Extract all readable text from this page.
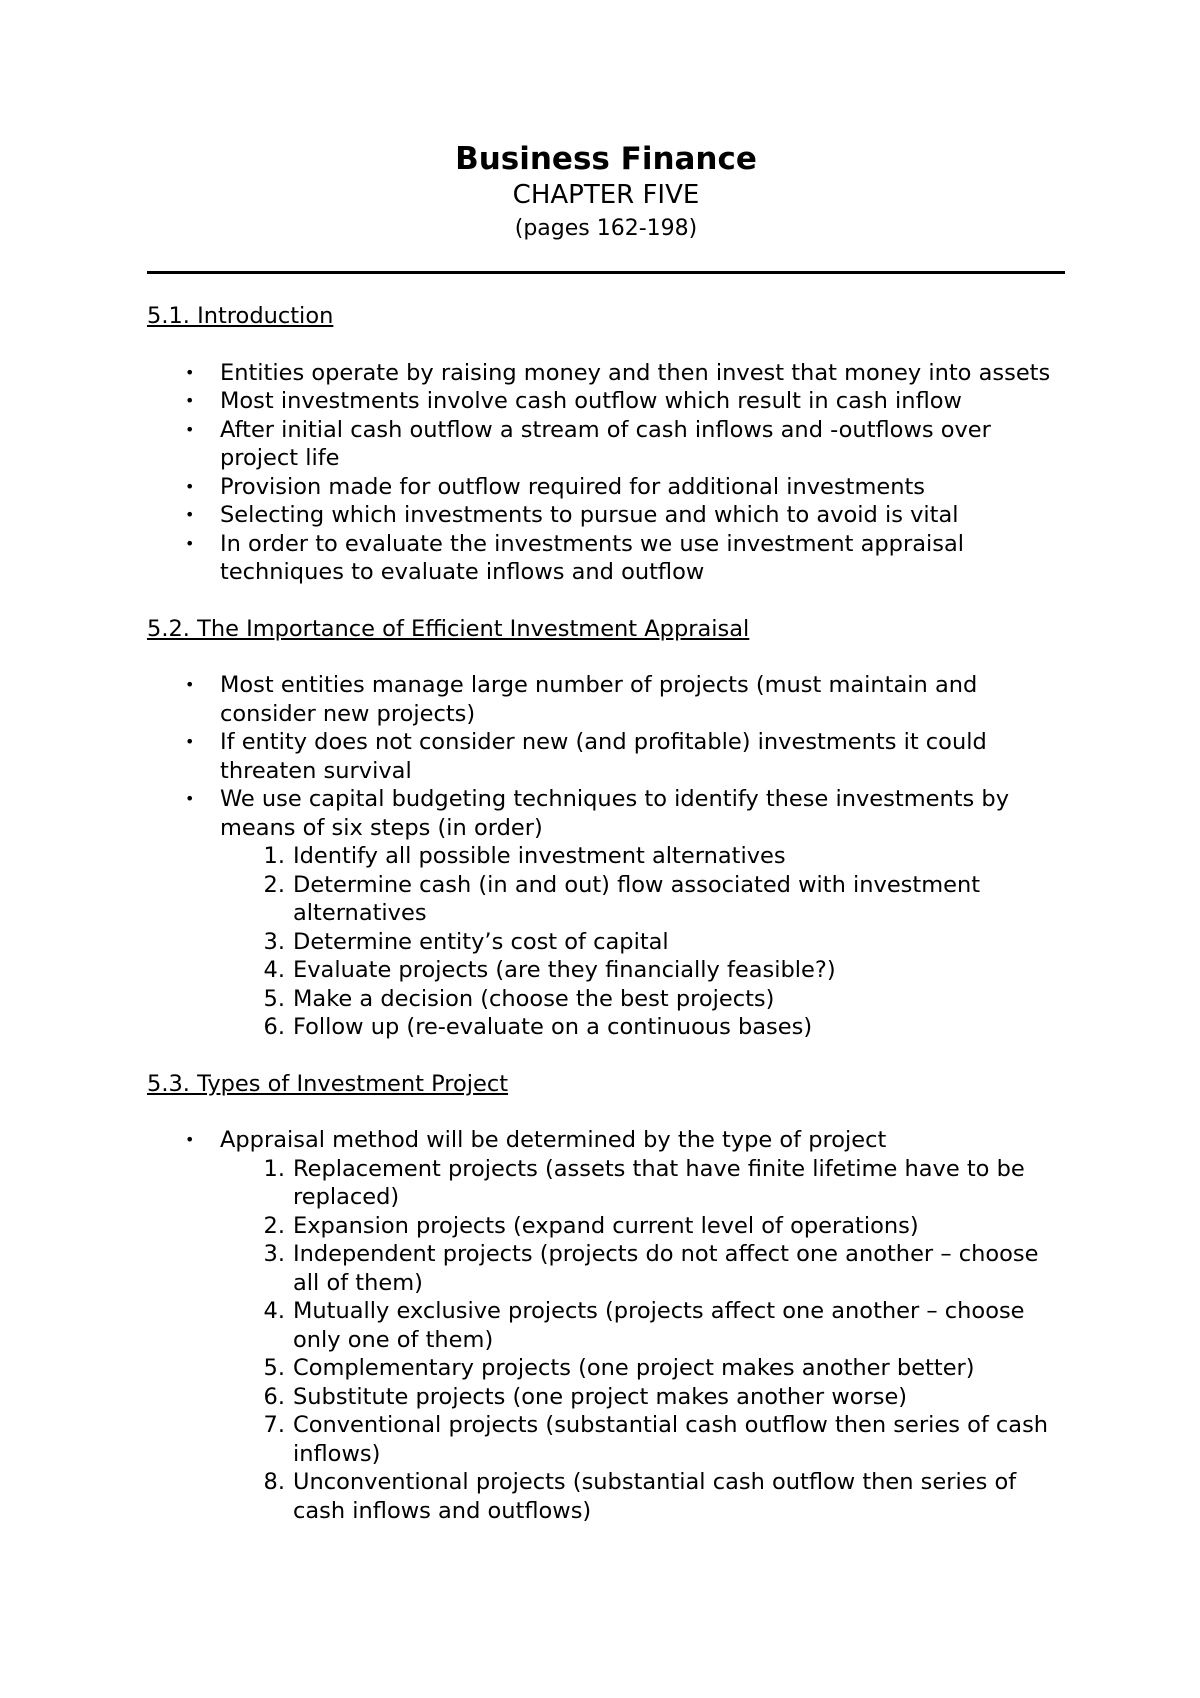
Business Finance

CHAPTER FIVE

(pages 162-198)

5.1. Introduction

• Entities operate by raising money and then invest that money into assets
• Most investments involve cash outflow which result in cash inflow
• After initial cash outflow a stream of cash inflows and -outflows over project life
• Provision made for outflow required for additional investments
• Selecting which investments to pursue and which to avoid is vital
• In order to evaluate the investments we use investment appraisal techniques to evaluate inflows and outflow

5.2. The Importance of Efficient Investment Appraisal

• Most entities manage large number of projects (must maintain and consider new projects)
• If entity does not consider new (and profitable) investments it could threaten survival
• We use capital budgeting techniques to identify these investments by means of six steps (in order)
1. Identify all possible investment alternatives
2. Determine cash (in and out) flow associated with investment alternatives
3. Determine entity’s cost of capital
4. Evaluate projects (are they financially feasible?)
5. Make a decision (choose the best projects)
6. Follow up (re-evaluate on a continuous bases)

5.3. Types of Investment Project

• Appraisal method will be determined by the type of project
1. Replacement projects (assets that have finite lifetime have to be replaced)
2. Expansion projects (expand current level of operations)
3. Independent projects (projects do not affect one another – choose all of them)
4. Mutually exclusive projects (projects affect one another – choose only one of them)
5. Complementary projects (one project makes another better)
6. Substitute projects (one project makes another worse)
7. Conventional projects (substantial cash outflow then series of cash inflows)
8. Unconventional projects (substantial cash outflow then series of cash inflows and outflows)
